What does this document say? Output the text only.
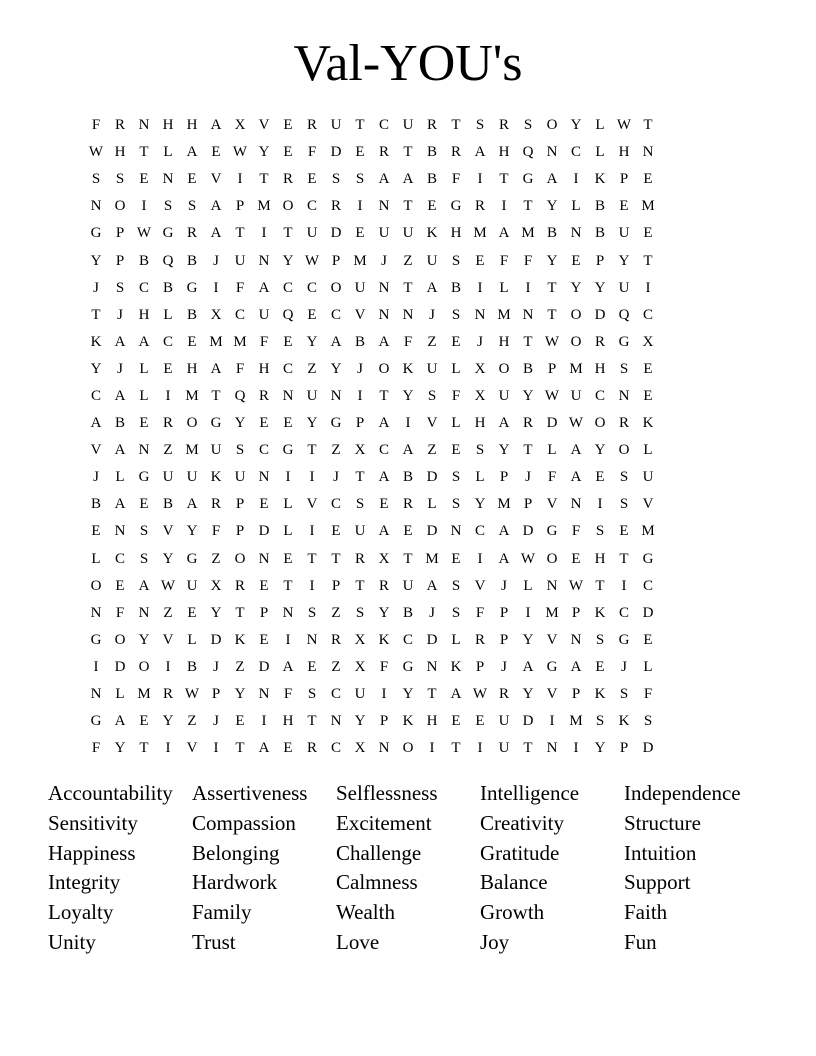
Val-YOU's
F R N H H A X V E R U T C U R T	S R S O Y L W T
W H T L A E W Y E	F D E R T B R A H Q N C L H N
S	S	E N E V	I	T R E	S	S A A B F	I	T G A	I	K P	E
N O	I	S	S A P M O C R	I	N T E G R	I	T Y L B E M
G P W G R A T	I	T U D E U U K H M A M B N B U E
Y P B Q B	J	U N Y W P M J	Z U S	E	F	F Y E	P Y T
J	S C B G	I	F A C C O U N T A B	I	L	I	T Y Y U	I
T	J	H L B X C U Q E C V N N	J	S N M N T O D Q C
K A A C E M M F	E Y A B A F	Z E	J	H T W O R G X
Y	J	L E H A F H C Z Y	J	O K U L X O B P M H S	E
C A L	I M T Q R N U N	I	T Y S	F X U Y W U C N E
A B E R O G Y E E Y G P A	I	V L H A R D W O R K
V A N Z M U S C G T Z X C A Z E	S Y T L A Y O L
J	L G U U K U N	I	I	J	T A B D S	L	P	J	F A E	S U
B A E B A R P	E L V C S	E R L	S Y M P V N	I	S V
E N S V Y F	P D L	I	E U A E D N C A D G F	S	E M
L C S Y G Z O N E T T R X T M E	I	A W O E H T G
O E A W U X R E T	I	P	T R U A S V	J	L N W T	I	C
N F N Z E Y T	P N S	Z	S Y B	J	S	F	P	I M P K C D
G O Y V L D K E	I	N R X K C D L R P Y V N S G E
I	D O	I	B	J	Z D A E Z X F G N K P	J	A G A E	J	L
N L M R W P Y N F	S C U	I	Y T A W R Y V P K S	F
G A E Y Z	J	E	I	H T N Y P K H E E U D	I M S K S
F Y T	I	V	I	T A E R C X N O	I	T	I	U T N	I	Y P D
Accountability Assertiveness	Selflessness	Intelligence	Independence
Sensitivity	Compassion	Excitement	Creativity	Structure
Happiness	Belonging	Challenge	Gratitude	Intuition
Integrity	Hardwork	Calmness	Balance	Support
Loyalty	Family	Wealth	Growth	Faith
Unity	Trust	Love	Joy	Fun
